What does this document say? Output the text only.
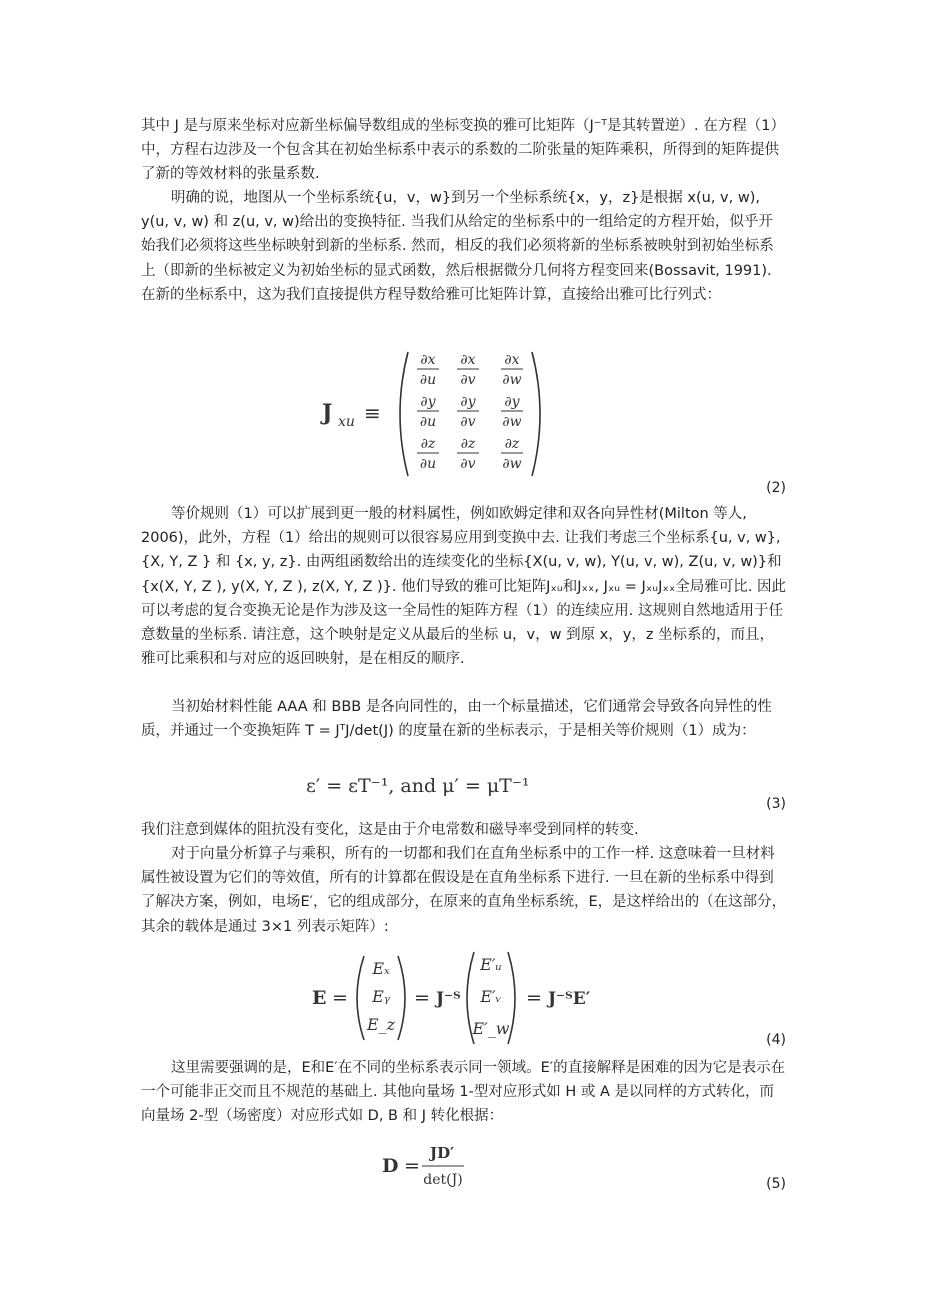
其中 J 是与原来坐标对应新坐标偏导数组成的坐标变换的雅可比矩阵（J⁻ᵀ是其转置逆）. 在方程（1）中，方程右边涉及一个包含其在初始坐标系中表示的系数的二阶张量的矩阵乘积，所得到的矩阵提供了新的等效材料的张量系数.

明确的说，地图从一个坐标系统{u，v，w}到另一个坐标系统{x，y，z}是根据 x(u, v, w), y(u, v, w) 和 z(u, v, w)给出的变换特征. 当我们从给定的坐标系中的一组给定的方程开始，似乎开始我们必须将这些坐标映射到新的坐标系. 然而，相反的我们必须将新的坐标系被映射到初始坐标系上（即新的坐标被定义为初始坐标的显式函数，然后根据微分几何将方程变回来(Bossavit, 1991). 在新的坐标系中，这为我们直接提供方程导数给雅可比矩阵计算，直接给出雅可比行列式：

J xu ≡
∂x
∂u
∂x
∂v
∂x
∂w
∂y
∂u
∂y
∂v
∂y
∂w
∂z
∂u
∂z
∂v
∂z
∂w
(2)

等价规则（1）可以扩展到更一般的材料属性，例如欧姆定律和双各向异性材(Milton 等人, 2006)，此外，方程（1）给出的规则可以很容易应用到变换中去. 让我们考虑三个坐标系{u, v, w}, {X, Y, Z } 和 {x, y, z}. 由两组函数给出的连续变化的坐标{X(u, v, w), Y(u, v, w), Z(u, v, w)}和{x(X, Y, Z ), y(X, Y, Z ), z(X, Y, Z )}. 他们导致的雅可比矩阵Jₓᵤ和Jₓₓ, Jₓᵤ = JₓᵤJₓₓ全局雅可比. 因此可以考虑的复合变换无论是作为涉及这一全局性的矩阵方程（1）的连续应用. 这规则自然地适用于任意数量的坐标系. 请注意，这个映射是定义从最后的坐标 u，v，w 到原 x，y，z 坐标系的，而且，雅可比乘积和与对应的返回映射，是在相反的顺序.

当初始材料性能 AAA 和 BBB 是各向同性的，由一个标量描述，它们通常会导致各向异性的性质，并通过一个变换矩阵 T = JᵀJ/det(J) 的度量在新的坐标表示，于是相关等价规则（1）成为：

ε′ = εT⁻¹, and μ′ = μT⁻¹
(3)

我们注意到媒体的阻抗没有变化，这是由于介电常数和磁导率受到同样的转变.

对于向量分析算子与乘积，所有的一切都和我们在直角坐标系中的工作一样. 这意味着一旦材料属性被设置为它们的等效值，所有的计算都在假设是在直角坐标系下进行. 一旦在新的坐标系中得到了解决方案，例如，电场E′，它的组成部分，在原来的直角坐标系统，E，是这样给出的（在这部分，其余的载体是通过 3×1 列表示矩阵）:

E =
Eₓ
Eᵧ
E_z
= J⁻ᵀ
E′ᵤ
E′ᵥ
E′_w
= J⁻ᵀE′
(4)

这里需要强调的是，E和E′在不同的坐标系表示同一领域。E′的直接解释是困难的因为它是表示在一个可能非正交而且不规范的基础上. 其他向量场 1-型对应形式如 H 或 A 是以同样的方式转化，而向量场 2-型（场密度）对应形式如 D, B 和 J 转化根据：

D =
JD′
det(J)	(5)
